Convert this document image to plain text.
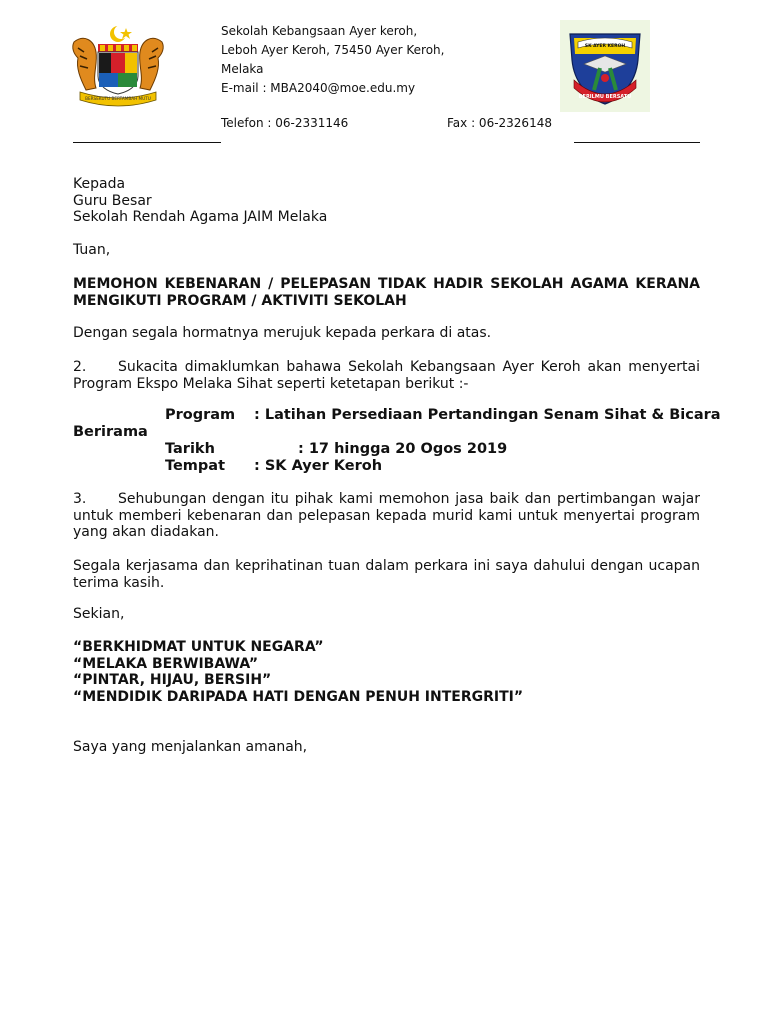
BERSEKUTU BERTAMBAH MUTU
Sekolah Kebangsaan Ayer keroh,
Leboh Ayer Keroh, 75450 Ayer Keroh,
Melaka
E-mail : MBA2040@moe.edu.my
Telefon : 06-2331146	Fax : 06-2326148
SK AYER KEROH
BERILMU BERSATU
Kepada
Guru Besar
Sekolah Rendah Agama JAIM Melaka
Tuan,
MEMOHON KEBENARAN / PELEPASAN TIDAK HADIR SEKOLAH AGAMA KERANA MENGIKUTI PROGRAM / AKTIVITI SEKOLAH
Dengan segala hormatnya merujuk kepada perkara di atas.
2. Sukacita dimaklumkan bahawa Sekolah Kebangsaan Ayer Keroh akan menyertai Program Ekspo Melaka Sihat seperti ketetapan berikut :-
Program : Latihan Persediaan Pertandingan Senam Sihat & Bicara
Berirama
Tarikh	: 17 hingga 20 Ogos 2019
Tempat : SK Ayer Keroh
3. Sehubungan dengan itu pihak kami memohon jasa baik dan pertimbangan wajar untuk memberi kebenaran dan pelepasan kepada murid kami untuk menyertai program yang akan diadakan.
Segala kerjasama dan keprihatinan tuan dalam perkara ini saya dahului dengan ucapan terima kasih.
Sekian,
“BERKHIDMAT UNTUK NEGARA”
“MELAKA BERWIBAWA”
“PINTAR, HIJAU, BERSIH”
“MENDIDIK DARIPADA HATI DENGAN PENUH INTERGRITI”
Saya yang menjalankan amanah,
